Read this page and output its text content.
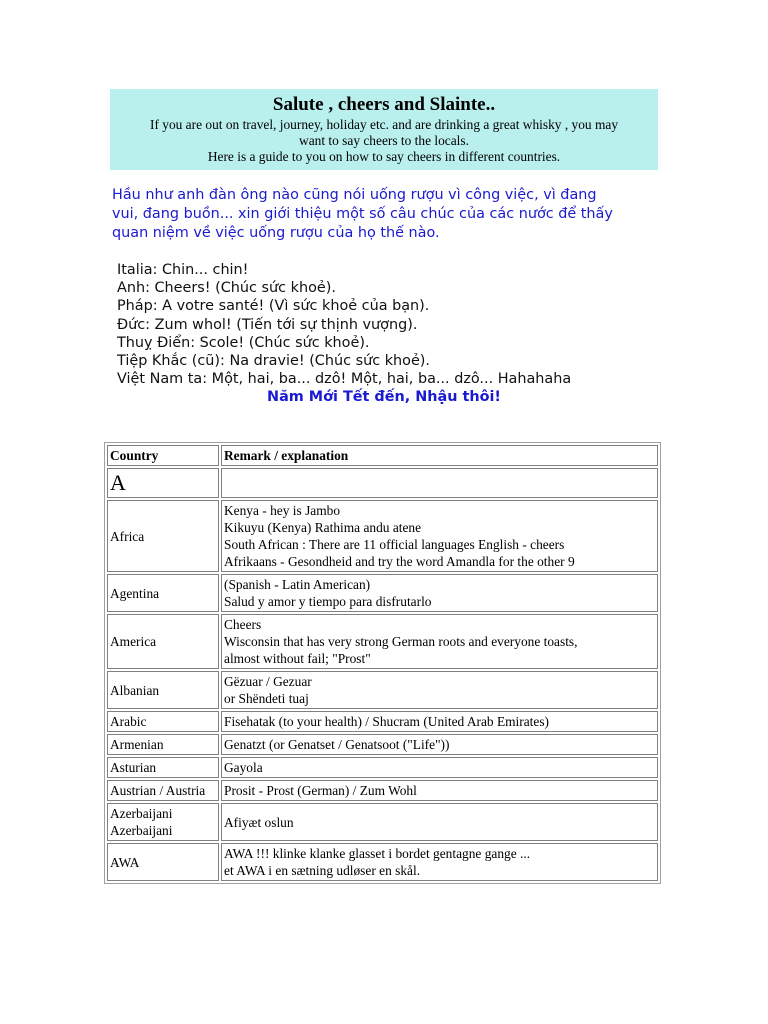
Salute , cheers and Slainte..
If you are out on travel, journey, holiday etc. and are drinking a great whisky , you may
want to say cheers to the locals.
Here is a guide to you on how to say cheers in different countries.
Hầu như anh đàn ông nào cũng nói uống rượu vì công việc, vì đang
vui, đang buồn... xin giới thiệu một số câu chúc của các nước để thấy
quan niệm về việc uống rượu của họ thế nào.
Italia: Chin... chin!
Anh: Cheers! (Chúc sức khoẻ).
Pháp: A votre santé! (Vì sức khoẻ của bạn).
Đức: Zum whol! (Tiến tới sự thịnh vượng).
Thuỵ Điển: Scole! (Chúc sức khoẻ).
Tiệp Khắc (cũ): Na dravie! (Chúc sức khoẻ).
Việt Nam ta: Một, hai, ba... dzô! Một, hai, ba... dzô... Hahahaha
Năm Mới Tết đến, Nhậu thôi!
Country	Remark / explanation
A	

Africa	Kenya - hey is Jambo
Kikuyu (Kenya) Rathima andu atene
South African : There are 11 official languages English - cheers
Afrikaans - Gesondheid and try the word Amandla for the other 9

Agentina	(Spanish - Latin American)
Salud y amor y tiempo para disfrutarlo

America	Cheers
Wisconsin that has very strong German roots and everyone toasts,
almost without fail; "Prost"

Albanian	Gëzuar / Gezuar
or Shëndeti tuaj

Arabic	Fisehatak (to your health) / Shucram (United Arab Emirates)

Armenian	Genatzt (or Genatset / Genatsoot ("Life"))

Asturian	Gayola

Austrian / Austria	Prosit - Prost (German) / Zum Wohl

Azerbaijani
Azerbaijani	Afiyæt oslun

AWA	AWA !!! klinke klanke glasset i bordet gentagne gange ...
et AWA i en sætning udløser en skål.
